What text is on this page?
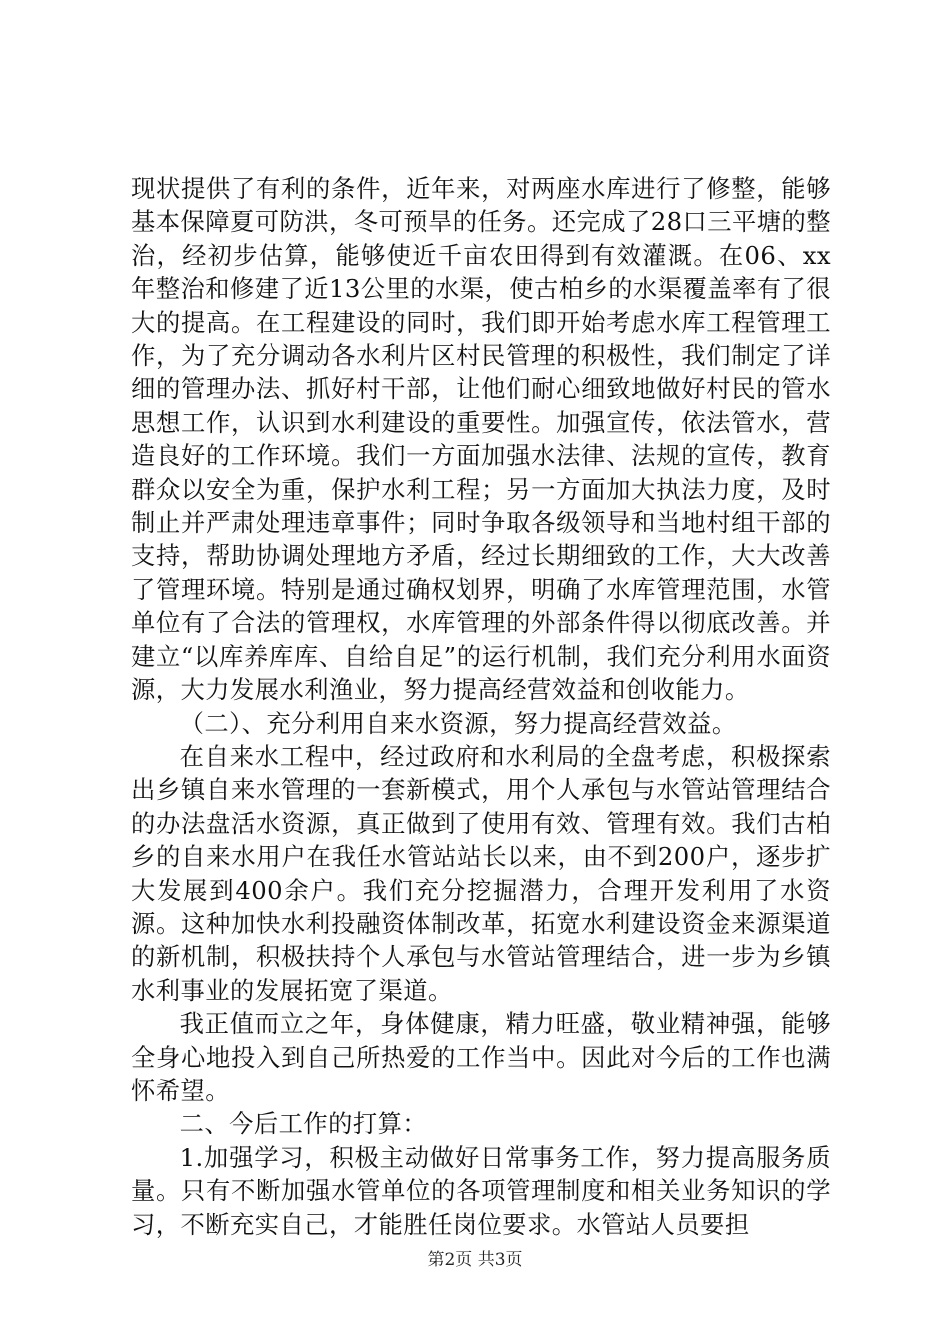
现状提供了有利的条件，近年来，对两座水库进行了修整，能够基本保障夏可防洪，冬可预旱的任务。还完成了28口三平塘的整治，经初步估算，能够使近千亩农田得到有效灌溉。在06、xx年整治和修建了近13公里的水渠，使古柏乡的水渠覆盖率有了很大的提高。在工程建设的同时，我们即开始考虑水库工程管理工作，为了充分调动各水利片区村民管理的积极性，我们制定了详细的管理办法、抓好村干部，让他们耐心细致地做好村民的管水思想工作，认识到水利建设的重要性。加强宣传，依法管水，营造良好的工作环境。我们一方面加强水法律、法规的宣传，教育群众以安全为重，保护水利工程；另一方面加大执法力度，及时制止并严肃处理违章事件；同时争取各级领导和当地村组干部的支持，帮助协调处理地方矛盾，经过长期细致的工作，大大改善了管理环境。特别是通过确权划界，明确了水库管理范围，水管单位有了合法的管理权，水库管理的外部条件得以彻底改善。并建立“以库养库库、自给自足”的运行机制，我们充分利用水面资源，大力发展水利渔业，努力提高经营效益和创收能力。

（二）、充分利用自来水资源，努力提高经营效益。

在自来水工程中，经过政府和水利局的全盘考虑，积极探索出乡镇自来水管理的一套新模式，用个人承包与水管站管理结合的办法盘活水资源，真正做到了使用有效、管理有效。我们古柏乡的自来水用户在我任水管站站长以来，由不到200户，逐步扩大发展到400余户。我们充分挖掘潜力，合理开发利用了水资源。这种加快水利投融资体制改革，拓宽水利建设资金来源渠道的新机制，积极扶持个人承包与水管站管理结合，进一步为乡镇水利事业的发展拓宽了渠道。

我正值而立之年，身体健康，精力旺盛，敬业精神强，能够全身心地投入到自己所热爱的工作当中。因此对今后的工作也满怀希望。

二、今后工作的打算：

1.加强学习，积极主动做好日常事务工作，努力提高服务质量。只有不断加强水管单位的各项管理制度和相关业务知识的学习，不断充实自己，才能胜任岗位要求。水管站人员要担

第2页 共3页
